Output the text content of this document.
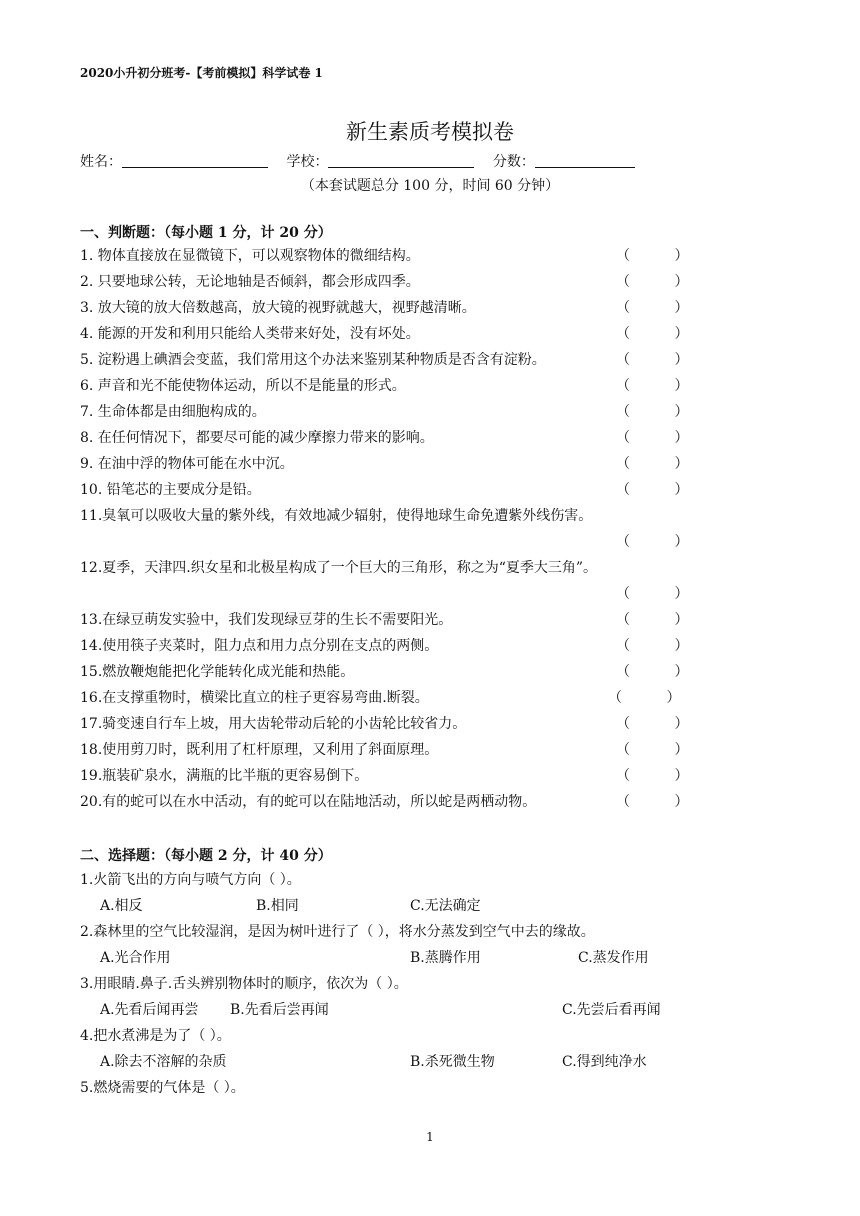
2020小升初分班考-【考前模拟】科学试卷 1
新生素质考模拟卷
姓名：	学校：	分数：
（本套试题总分 100 分，时间 60 分钟）
一、判断题：（每小题 1 分，计 20 分）
1. 物体直接放在显微镜下，可以观察物体的微细结构。	（          ）
2. 只要地球公转，无论地轴是否倾斜，都会形成四季。	（          ）
3. 放大镜的放大倍数越高，放大镜的视野就越大，视野越清晰。	（          ）
4. 能源的开发和利用只能给人类带来好处，没有坏处。	（          ）
5. 淀粉遇上碘酒会变蓝，我们常用这个办法来鉴别某种物质是否含有淀粉。	（          ）
6. 声音和光不能使物体运动，所以不是能量的形式。	（          ）
7. 生命体都是由细胞构成的。	（          ）
8. 在任何情况下，都要尽可能的减少摩擦力带来的影响。	（          ）
9. 在油中浮的物体可能在水中沉。	（          ）
10. 铅笔芯的主要成分是铅。	（          ）
11.臭氧可以吸收大量的紫外线，有效地减少辐射，使得地球生命免遭紫外线伤害。
（          ）
12.夏季，天津四.织女星和北极星构成了一个巨大的三角形，称之为“夏季大三角”。
（          ）
13.在绿豆萌发实验中，我们发现绿豆芽的生长不需要阳光。	（          ）
14.使用筷子夹菜时，阻力点和用力点分别在支点的两侧。	（          ）
15.燃放鞭炮能把化学能转化成光能和热能。	（          ）
16.在支撑重物时，横梁比直立的柱子更容易弯曲.断裂。	（          ）
17.骑变速自行车上坡，用大齿轮带动后轮的小齿轮比较省力。	（          ）
18.使用剪刀时，既利用了杠杆原理，又利用了斜面原理。	（          ）
19.瓶装矿泉水，满瓶的比半瓶的更容易倒下。	（          ）
20.有的蛇可以在水中活动，有的蛇可以在陆地活动，所以蛇是两栖动物。	（          ）
二、选择题：（每小题 2 分，计 40 分）
1.火箭飞出的方向与喷气方向（ ）。
A.相反	B.相同	C.无法确定
2.森林里的空气比较湿润，是因为树叶进行了（ ），将水分蒸发到空气中去的缘故。
A.光合作用	B.蒸腾作用	C.蒸发作用
3.用眼睛.鼻子.舌头辨别物体时的顺序，依次为（ ）。
A.先看后闻再尝 B.先看后尝再闻	C.先尝后看再闻
4.把水煮沸是为了（ ）。
A.除去不溶解的杂质	B.杀死微生物	C.得到纯净水
5.燃烧需要的气体是（ ）。
1
